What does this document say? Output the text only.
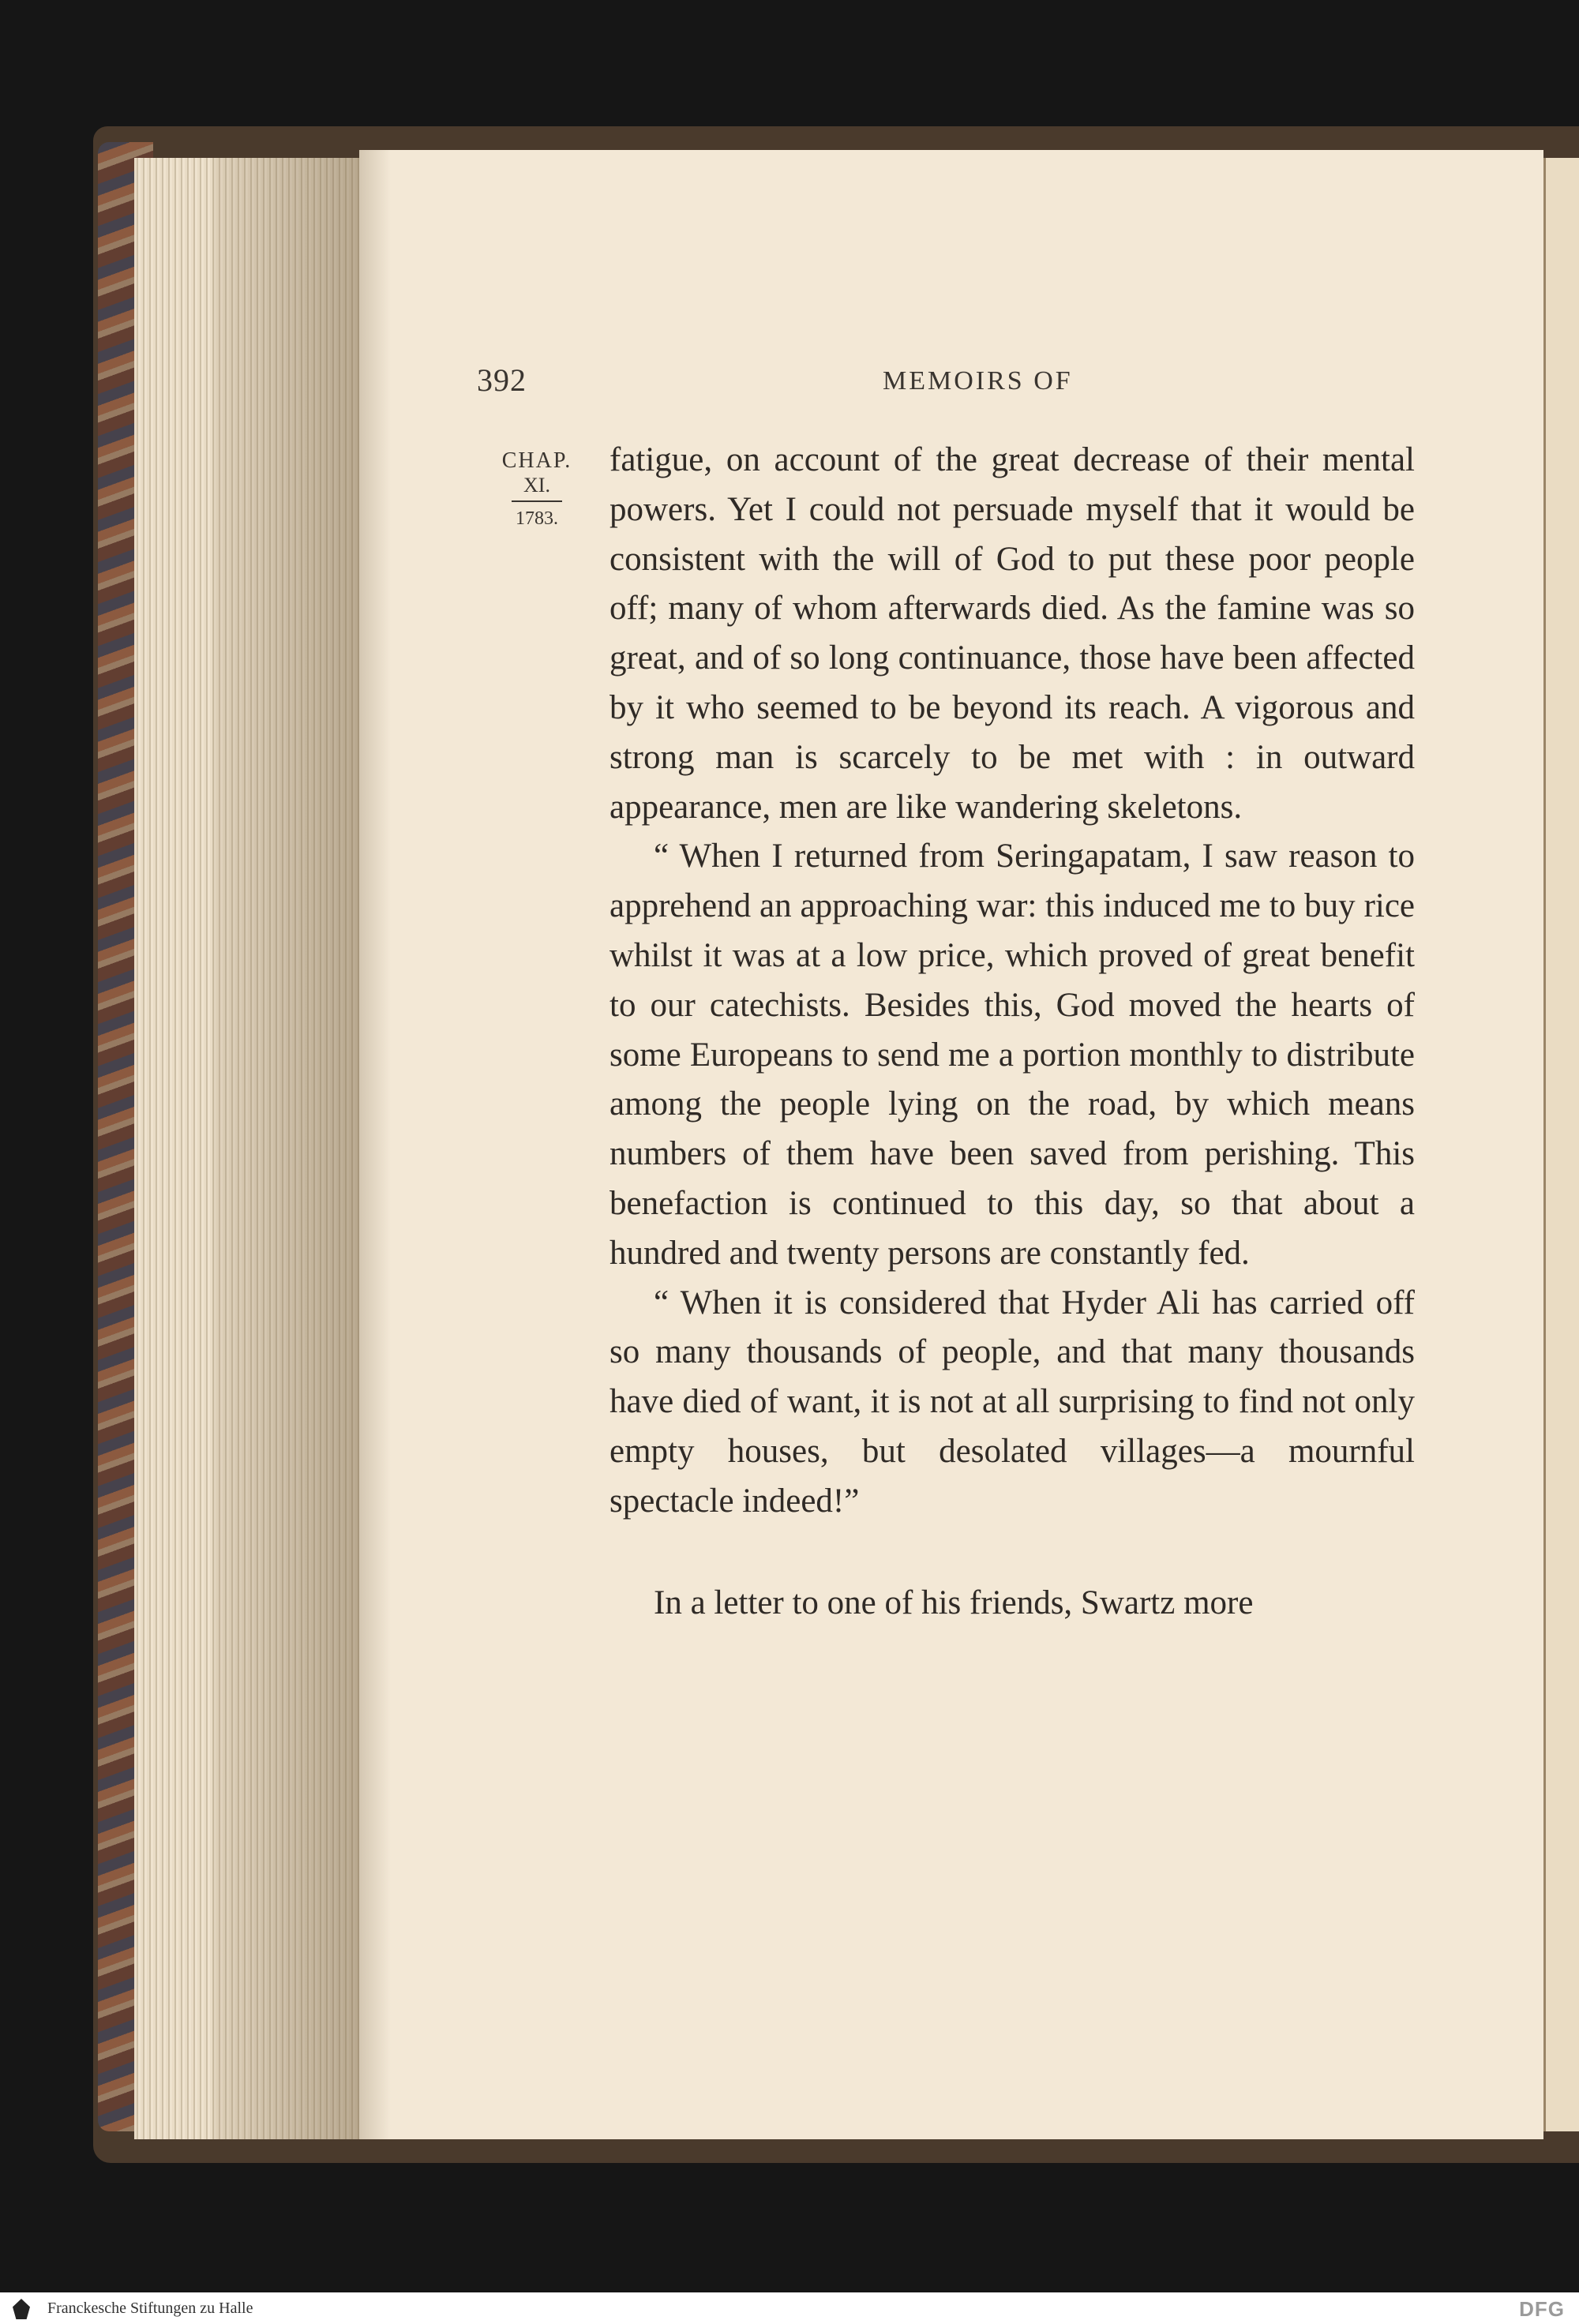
392	MEMOIRS OF
CHAP.
XI.
1783.

fatigue, on account of the great decrease of their mental powers. Yet I could not persuade myself that it would be consistent with the will of God to put these poor people off; many of whom afterwards died. As the famine was so great, and of so long continuance, those have been affected by it who seemed to be beyond its reach. A vigorous and strong man is scarcely to be met with : in outward appearance, men are like wandering skeletons.

“ When I returned from Seringapatam, I saw reason to apprehend an approaching war: this induced me to buy rice whilst it was at a low price, which proved of great benefit to our catechists. Besides this, God moved the hearts of some Europeans to send me a portion monthly to distribute among the people lying on the road, by which means numbers of them have been saved from perishing. This benefaction is continued to this day, so that about a hundred and twenty persons are constantly fed.

“ When it is considered that Hyder Ali has carried off so many thousands of people, and that many thousands have died of want, it is not at all surprising to find not only empty houses, but desolated villages—a mournful spectacle indeed!”

In a letter to one of his friends, Swartz more

Franckesche Stiftungen zu Halle	DFG
